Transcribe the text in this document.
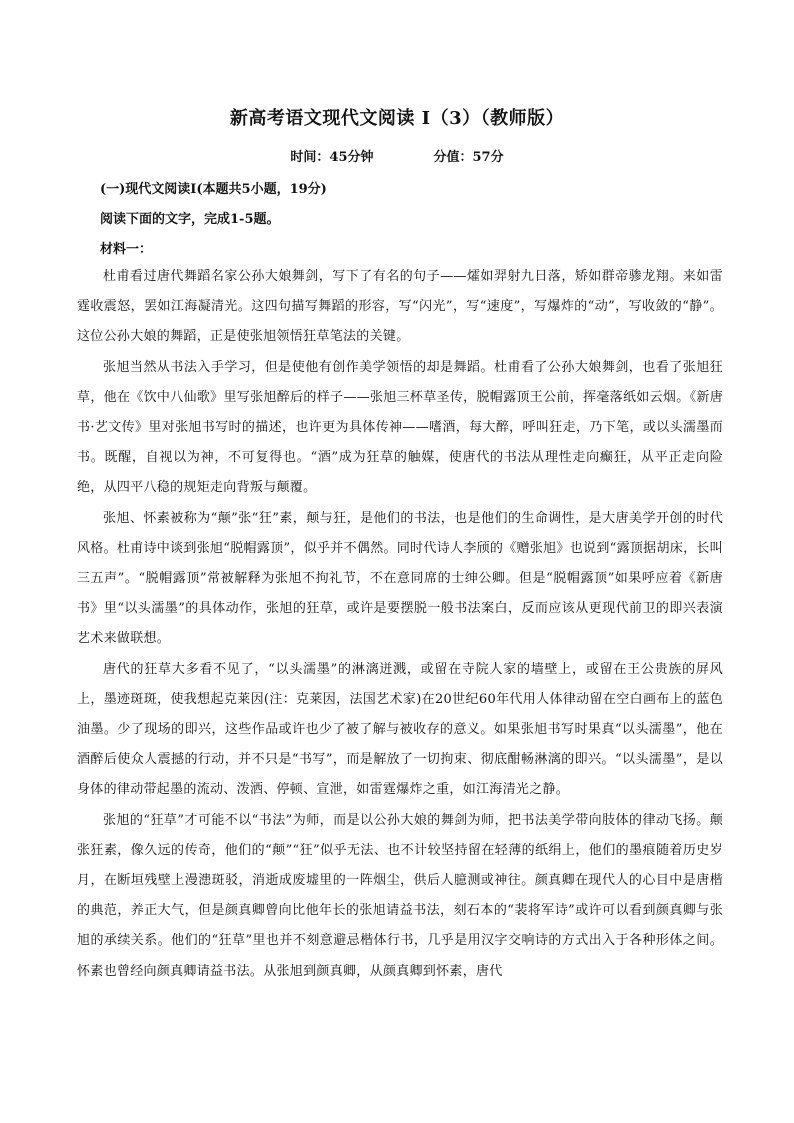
新高考语文现代文阅读 Ⅰ（3）（教师版）
时间：45分钟	分值：57分
(一)现代文阅读Ⅰ(本题共5小题，19分)
阅读下面的文字，完成1-5题。
材料一：

杜甫看过唐代舞蹈名家公孙大娘舞剑，写下了有名的句子——㸌如羿射九日落，矫如群帝骖龙翔。来如雷霆收震怒，罢如江海凝清光。这四句描写舞蹈的形容，写“闪光”，写“速度”，写爆炸的“动”，写收敛的“静”。这位公孙大娘的舞蹈，正是使张旭领悟狂草笔法的关键。

张旭当然从书法入手学习，但是使他有创作美学领悟的却是舞蹈。杜甫看了公孙大娘舞剑，也看了张旭狂草，他在《饮中八仙歌》里写张旭醉后的样子——张旭三杯草圣传，脱帽露顶王公前，挥毫落纸如云烟。《新唐书·艺文传》里对张旭书写时的描述，也许更为具体传神——嗜酒，每大醉，呼叫狂走，乃下笔，或以头濡墨而书。既醒，自视以为神，不可复得也。“酒”成为狂草的触媒，使唐代的书法从理性走向癫狂，从平正走向险绝，从四平八稳的规矩走向背叛与颠覆。

张旭、怀素被称为“颠”张“狂”素，颠与狂，是他们的书法，也是他们的生命调性，是大唐美学开创的时代风格。杜甫诗中谈到张旭“脱帽露顶”，似乎并不偶然。同时代诗人李颀的《赠张旭》也说到“露顶据胡床，长叫三五声”。“脱帽露顶”常被解释为张旭不拘礼节，不在意同席的士绅公卿。但是“脱帽露顶”如果呼应着《新唐书》里“以头濡墨”的具体动作，张旭的狂草，或许是要摆脱一般书法案白，反而应该从更现代前卫的即兴表演艺术来做联想。

唐代的狂草大多看不见了，“以头濡墨”的淋漓迸溅，或留在寺院人家的墙壁上，或留在王公贵族的屏风上，墨迹斑斑，使我想起克莱因(注：克莱因，法国艺术家)在20世纪60年代用人体律动留在空白画布上的蓝色油墨。少了现场的即兴，这些作品或许也少了被了解与被收存的意义。如果张旭书写时果真“以头濡墨”，他在酒醉后使众人震撼的行动，并不只是“书写”，而是解放了一切拘束、彻底酣畅淋漓的即兴。“以头濡墨”，是以身体的律动带起墨的流动、泼洒、停顿、宣泄，如雷霆爆炸之重，如江海清光之静。

张旭的“狂草”才可能不以“书法”为师，而是以公孙大娘的舞剑为师，把书法美学带向肢体的律动飞扬。颠张狂素，像久远的传奇，他们的“颠”“狂”似乎无法、也不计较坚持留在轻薄的纸绢上，他们的墨痕随着历史岁月，在断垣残壁上漫漶斑驳，消逝成废墟里的一阵烟尘，供后人臆测或神往。颜真卿在现代人的心目中是唐楷的典范，养正大气，但是颜真卿曾向比他年长的张旭请益书法，刻石本的“裴将军诗”或许可以看到颜真卿与张旭的承续关系。他们的“狂草”里也并不刻意避忌楷体行书，几乎是用汉字交响诗的方式出入于各种形体之间。怀素也曾经向颜真卿请益书法。从张旭到颜真卿，从颜真卿到怀素，唐代
